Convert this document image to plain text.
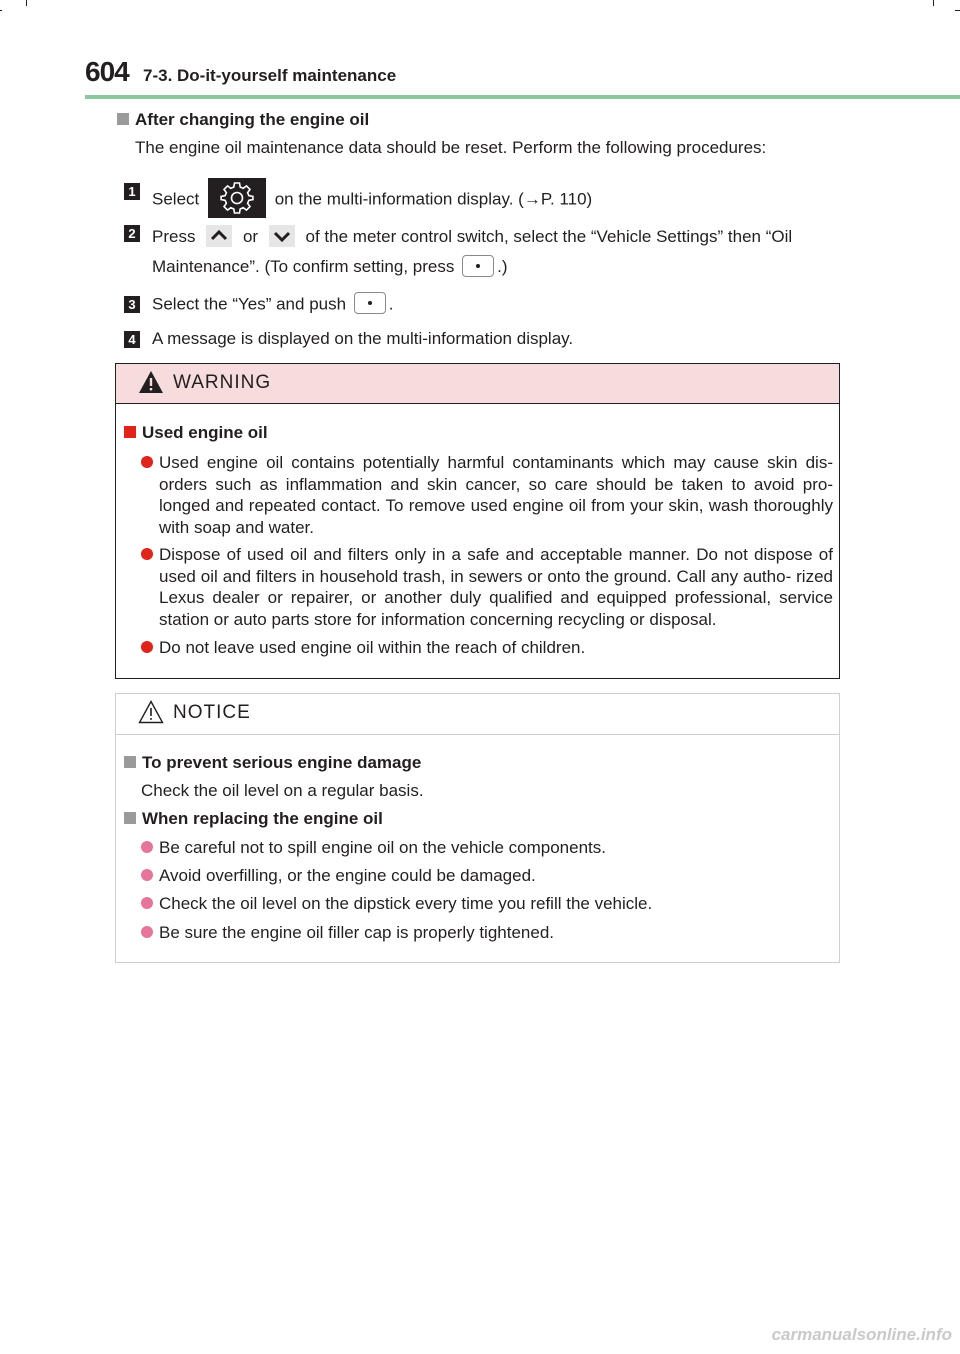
604 7-3. Do-it-yourself maintenance
After changing the engine oil
The engine oil maintenance data should be reset. Perform the following procedures:
1 Select	on the multi-information display. (→P. 110)
2 Press	or	of the meter control switch, select the “Vehicle Settings” then “Oil Maintenance”. (To confirm setting, press	.)
3 Select the “Yes” and push	.
4 A message is displayed on the multi-information display.
WARNING
Used engine oil
Used engine oil contains potentially harmful contaminants which may cause skin dis- orders such as inflammation and skin cancer, so care should be taken to avoid pro- longed and repeated contact. To remove used engine oil from your skin, wash thoroughly with soap and water.
Dispose of used oil and filters only in a safe and acceptable manner. Do not dispose of used oil and filters in household trash, in sewers or onto the ground. Call any autho- rized Lexus dealer or repairer, or another duly qualified and equipped professional, service station or auto parts store for information concerning recycling or disposal.
Do not leave used engine oil within the reach of children.
NOTICE
To prevent serious engine damage
Check the oil level on a regular basis.
When replacing the engine oil
Be careful not to spill engine oil on the vehicle components.
Avoid overfilling, or the engine could be damaged.
Check the oil level on the dipstick every time you refill the vehicle.
Be sure the engine oil filler cap is properly tightened.
carmanualsonline.info
